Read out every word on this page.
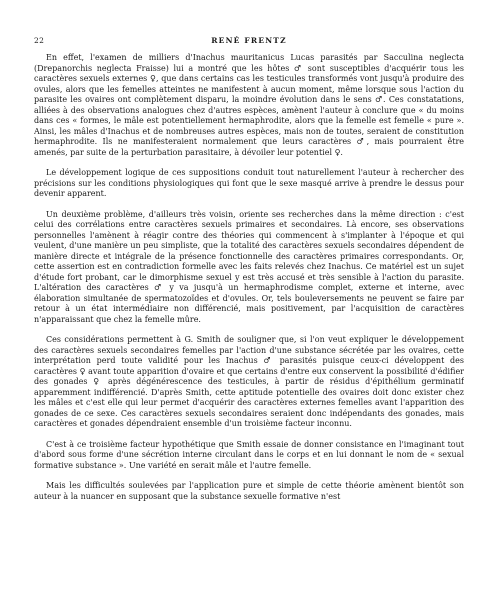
22	RENÉ FRENTZ

En effet, l'examen de milliers d'Inachus mauritanicus Lucas parasités par Sacculina neglecta (Drepanorchis neglecta Fraisse) lui a montré que les hôtes ♂ sont susceptibles d'acquérir tous les caractères sexuels externes ♀, que dans certains cas les testicules transformés vont jusqu'à produire des ovules, alors que les femelles atteintes ne manifestent à aucun moment, même lorsque sous l'action du parasite les ovaires ont complètement disparu, la moindre évolution dans le sens ♂. Ces constatations, alliées à des observations analogues chez d'autres espèces, amènent l'auteur à conclure que « du moins dans ces « formes, le mâle est potentiellement hermaphrodite, alors que la femelle est femelle « pure ». Ainsi, les mâles d'Inachus et de nombreuses autres espèces, mais non de toutes, seraient de constitution hermaphrodite. Ils ne manifesteraient normalement que leurs caractères ♂, mais pourraient être amenés, par suite de la perturbation parasitaire, à dévoiler leur potentiel ♀.

Le développement logique de ces suppositions conduit tout naturellement l'auteur à rechercher des précisions sur les conditions physiologiques qui font que le sexe masqué arrive à prendre le dessus pour devenir apparent.

Un deuxième problème, d'ailleurs très voisin, oriente ses recherches dans la même direction : c'est celui des corrélations entre caractères sexuels primaires et secondaires. Là encore, ses observations personnelles l'amènent à réagir contre des théories qui commencent à s'implanter à l'époque et qui veulent, d'une manière un peu simpliste, que la totalité des caractères sexuels secondaires dépendent de manière directe et intégrale de la présence fonctionnelle des caractères primaires correspondants. Or, cette assertion est en contradiction formelle avec les faits relevés chez Inachus. Ce matériel est un sujet d'étude fort probant, car le dimorphisme sexuel y est très accusé et très sensible à l'action du parasite. L'altération des caractères ♂ y va jusqu'à un hermaphrodisme complet, externe et interne, avec élaboration simultanée de spermatozoïdes et d'ovules. Or, tels bouleversements ne peuvent se faire par retour à un état intermédiaire non différencié, mais positivement, par l'acquisition de caractères n'apparaissant que chez la femelle mûre.

Ces considérations permettent à G. Smith de souligner que, si l'on veut expliquer le développement des caractères sexuels secondaires femelles par l'action d'une substance sécrétée par les ovaires, cette interprétation perd toute validité pour les Inachus ♂ parasités puisque ceux-ci développent des caractères ♀ avant toute apparition d'ovaire et que certains d'entre eux conservent la possibilité d'édifier des gonades ♀ après dégénérescence des testicules, à partir de résidus d'épithélium germinatif apparemment indifférencié. D'après Smith, cette aptitude potentielle des ovaires doit donc exister chez les mâles et c'est elle qui leur permet d'acquérir des caractères externes femelles avant l'apparition des gonades de ce sexe. Ces caractères sexuels secondaires seraient donc indépendants des gonades, mais caractères et gonades dépendraient ensemble d'un troisième facteur inconnu.

C'est à ce troisième facteur hypothétique que Smith essaie de donner consistance en l'imaginant tout d'abord sous forme d'une sécrétion interne circulant dans le corps et en lui donnant le nom de « sexual formative substance ». Une variété en serait mâle et l'autre femelle.

Mais les difficultés soulevées par l'application pure et simple de cette théorie amènent bientôt son auteur à la nuancer en supposant que la substance sexuelle formative n'est
